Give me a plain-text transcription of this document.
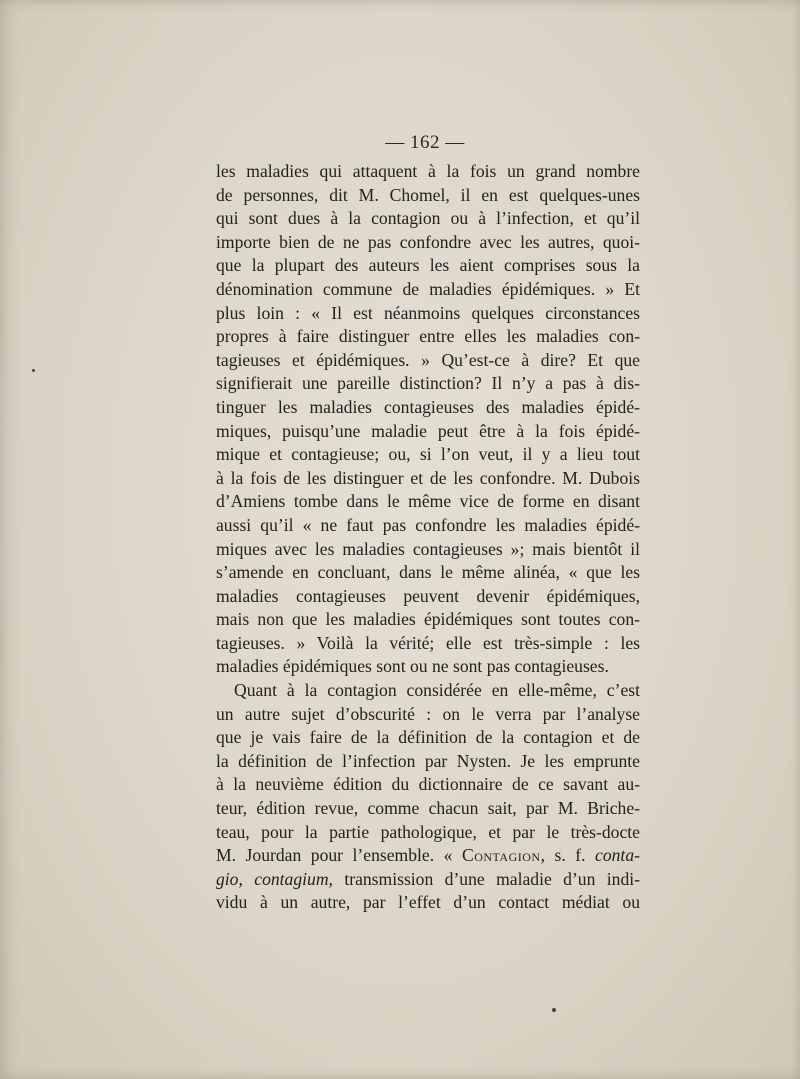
— 162 —
les maladies qui attaquent à la fois un grand nombre
de personnes, dit M. Chomel, il en est quelques-unes
qui sont dues à la contagion ou à l’infection, et qu’il
importe bien de ne pas confondre avec les autres, quoi-
que la plupart des auteurs les aient comprises sous la
dénomination commune de maladies épidémiques. » Et
plus loin : « Il est néanmoins quelques circonstances
propres à faire distinguer entre elles les maladies con-
tagieuses et épidémiques. » Qu’est-ce à dire? Et que
signifierait une pareille distinction? Il n’y a pas à dis-
tinguer les maladies contagieuses des maladies épidé-
miques, puisqu’une maladie peut être à la fois épidé-
mique et contagieuse; ou, si l’on veut, il y a lieu tout
à la fois de les distinguer et de les confondre. M. Dubois
d’Amiens tombe dans le même vice de forme en disant
aussi qu’il « ne faut pas confondre les maladies épidé-
miques avec les maladies contagieuses »; mais bientôt il
s’amende en concluant, dans le même alinéa, « que les
maladies contagieuses peuvent devenir épidémiques,
mais non que les maladies épidémiques sont toutes con-
tagieuses. » Voilà la vérité; elle est très-simple : les
maladies épidémiques sont ou ne sont pas contagieuses.
Quant à la contagion considérée en elle-même, c’est
un autre sujet d’obscurité : on le verra par l’analyse
que je vais faire de la définition de la contagion et de
la définition de l’infection par Nysten. Je les emprunte
à la neuvième édition du dictionnaire de ce savant au-
teur, édition revue, comme chacun sait, par M. Briche-
teau, pour la partie pathologique, et par le très-docte
M. Jourdan pour l’ensemble. « Contagion, s. f. conta-
gio, contagium, transmission d’une maladie d’un indi-
vidu à un autre, par l’effet d’un contact médiat ou
